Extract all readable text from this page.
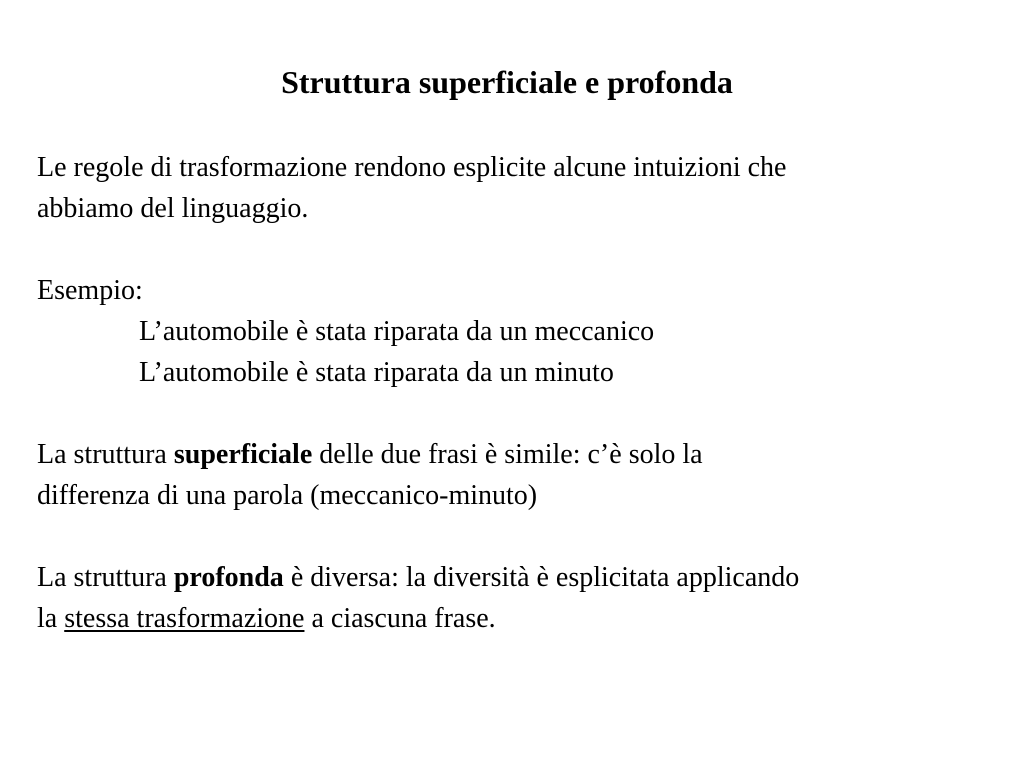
Struttura superficiale e profonda

Le regole di trasformazione rendono esplicite alcune intuizioni che

abbiamo del linguaggio.

Esempio:

L’automobile è stata riparata da un meccanico

L’automobile è stata riparata da un minuto

La struttura superficiale delle due frasi è simile: c’è solo la

differenza di una parola (meccanico-minuto)

La struttura profonda è diversa: la diversità è esplicitata applicando

la stessa trasformazione a ciascuna frase.
